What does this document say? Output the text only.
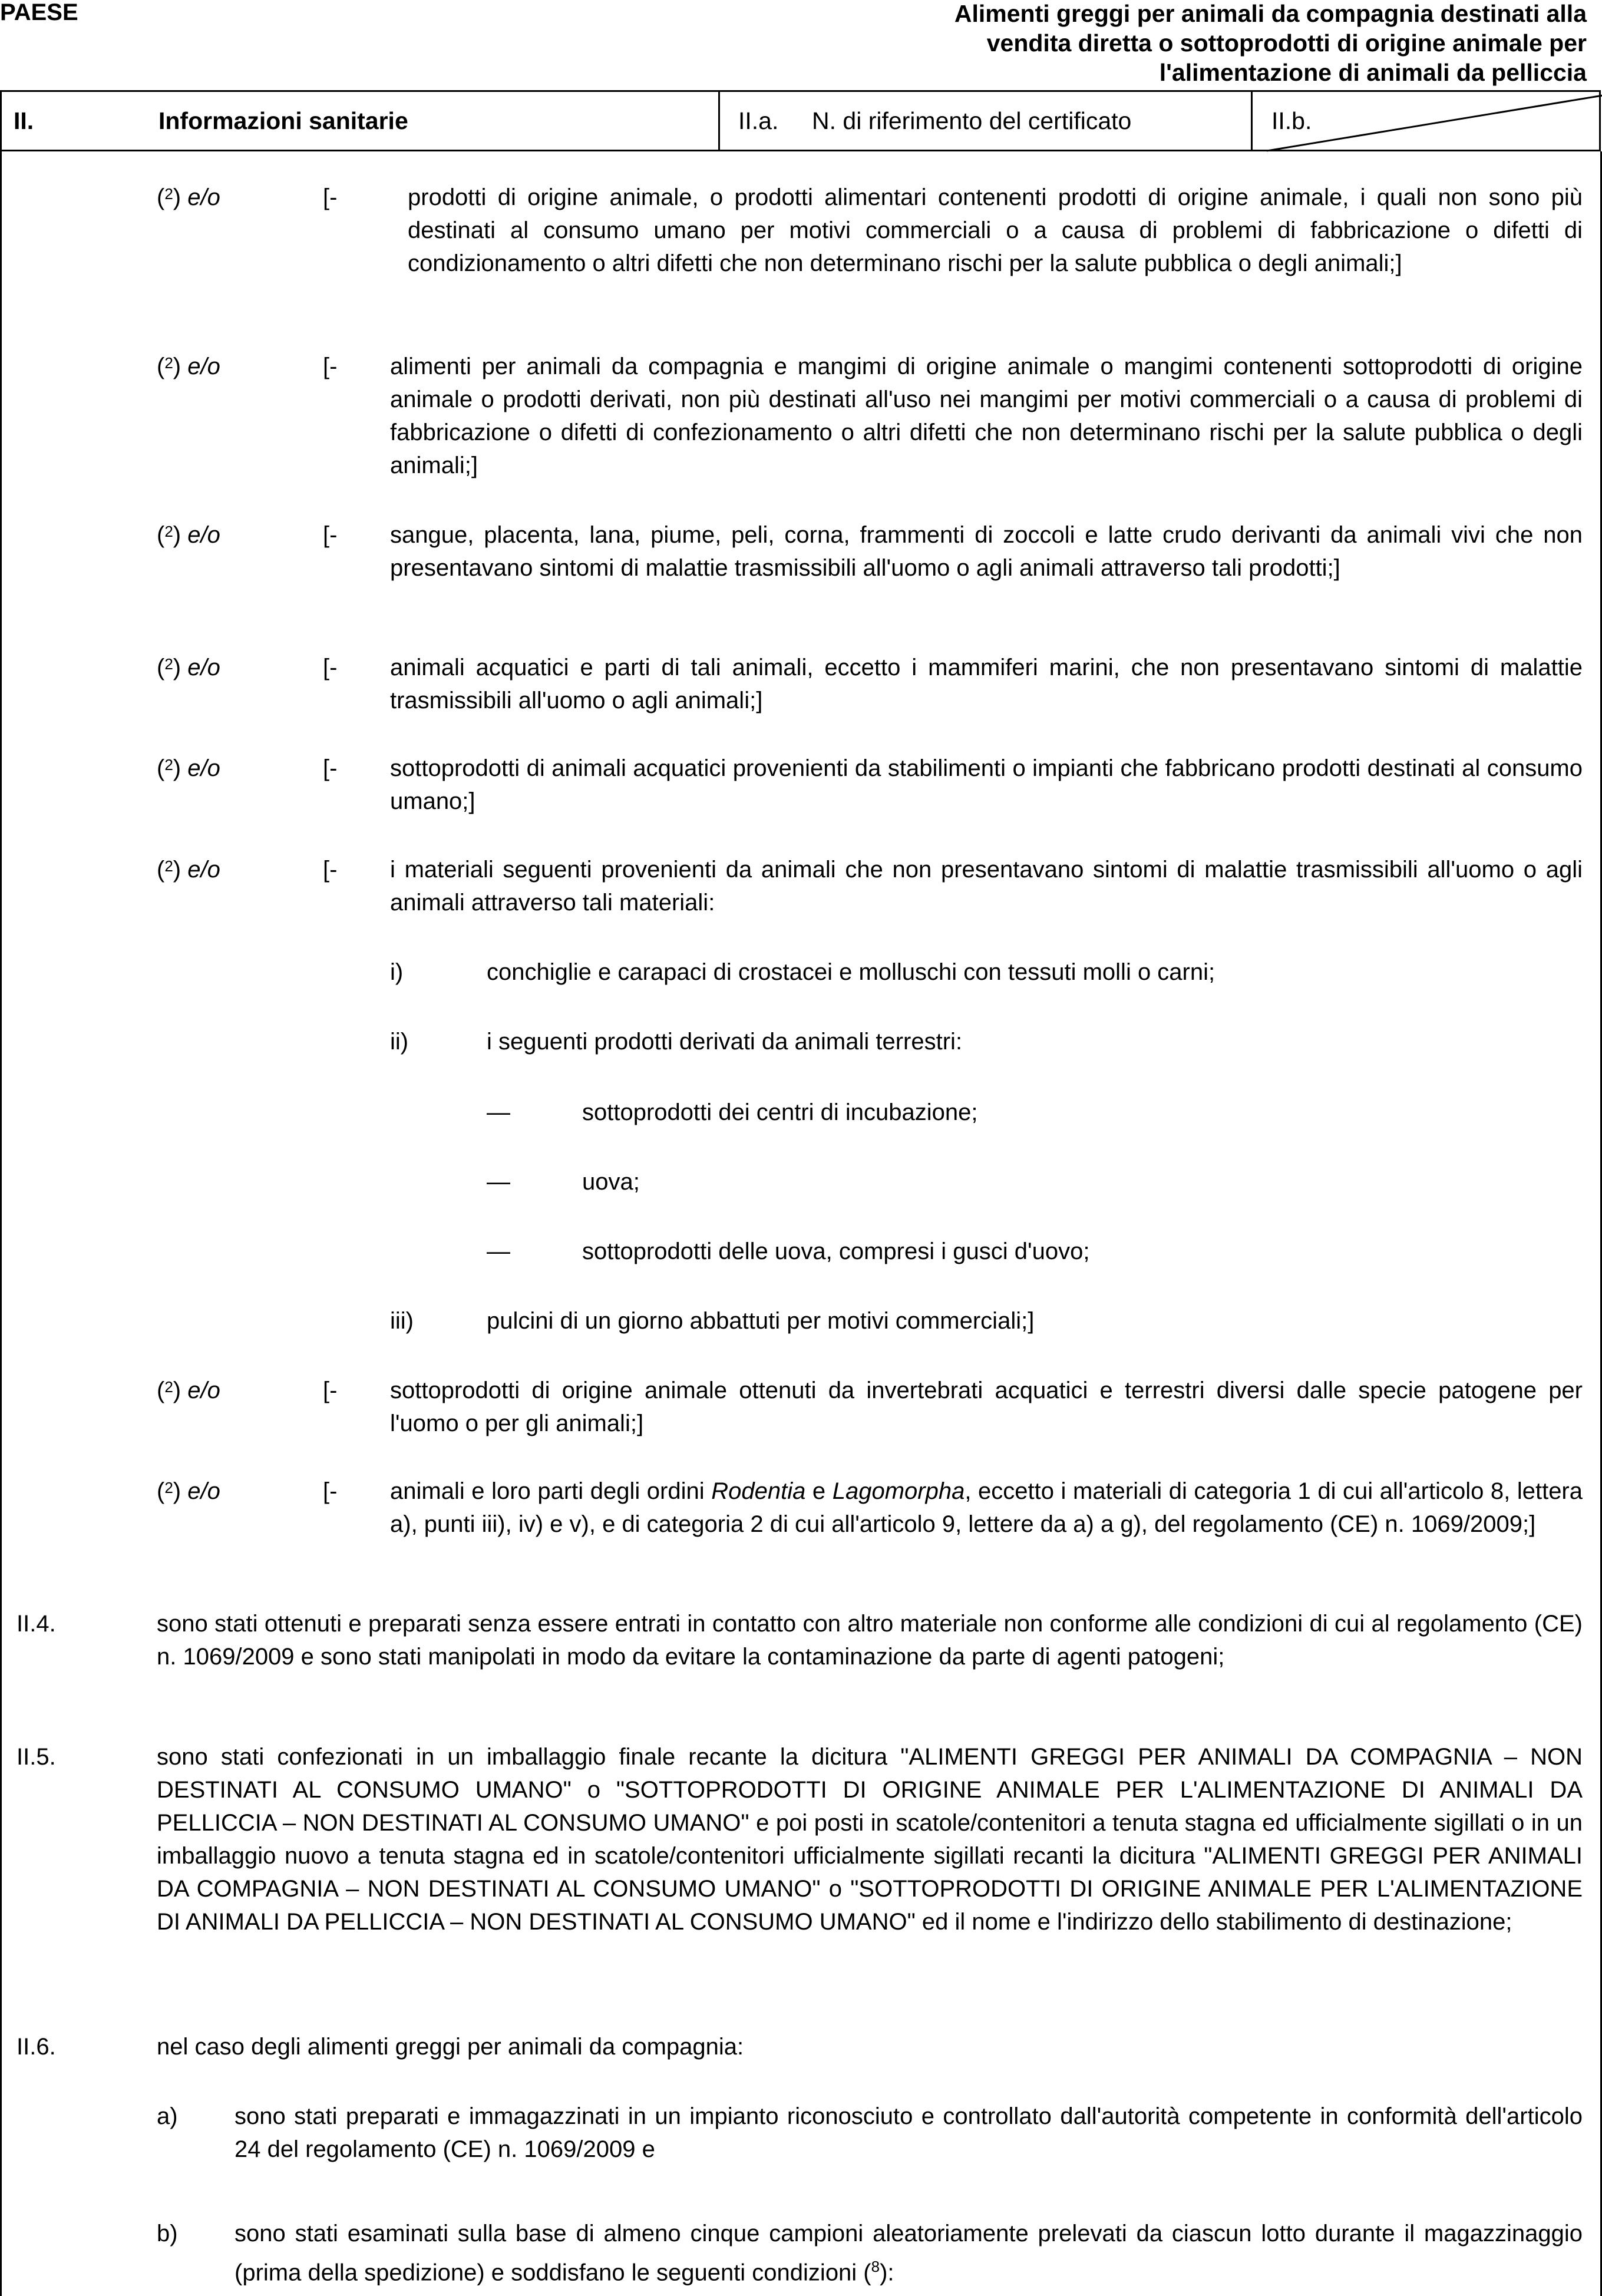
PAESE	Alimenti greggi per animali da compagnia destinati alla
vendita diretta o sottoprodotti di origine animale per
l'alimentazione di animali da pelliccia
II.	Informazioni sanitarie	II.a. N. di riferimento del certificato	II.b.
($^2$) e/o	[-	prodotti di origine animale, o prodotti alimentari contenenti prodotti di origine animale, i quali non sono più destinati al consumo umano per motivi commerciali o a causa di problemi di fabbricazione o difetti di condizionamento o altri difetti che non determinano rischi per la salute pubblica o degli animali;]
($^2$) e/o	[- alimenti per animali da compagnia e mangimi di origine animale o mangimi contenenti sottoprodotti di origine animale o prodotti derivati, non più destinati all'uso nei mangimi per motivi commerciali o a causa di problemi di fabbricazione o difetti di confezionamento o altri difetti che non determinano rischi per la salute pubblica o degli animali;]
($^2$) e/o	[- sangue, placenta, lana, piume, peli, corna, frammenti di zoccoli e latte crudo derivanti da animali vivi che non presentavano sintomi di malattie trasmissibili all'uomo o agli animali attraverso tali prodotti;]
($^2$) e/o	[- animali acquatici e parti di tali animali, eccetto i mammiferi marini, che non presentavano sintomi di malattie trasmissibili all'uomo o agli animali;]
($^2$) e/o	[- sottoprodotti di animali acquatici provenienti da stabilimenti o impianti che fabbricano prodotti destinati al consumo umano;]
($^2$) e/o	[- i materiali seguenti provenienti da animali che non presentavano sintomi di malattie trasmissibili all'uomo o agli animali attraverso tali materiali:
i)	conchiglie e carapaci di crostacei e molluschi con tessuti molli o carni;
ii)	i seguenti prodotti derivati da animali terrestri:
—	sottoprodotti dei centri di incubazione;
—	uova;
—	sottoprodotti delle uova, compresi i gusci d'uovo;
iii)	pulcini di un giorno abbattuti per motivi commerciali;]
($^2$) e/o	[- sottoprodotti di origine animale ottenuti da invertebrati acquatici e terrestri diversi dalle specie patogene per l'uomo o per gli animali;]
($^2$) e/o	[- animali e loro parti degli ordini Rodentia e Lagomorpha, eccetto i materiali di categoria 1 di cui all'articolo 8, lettera a), punti iii), iv) e v), e di categoria 2 di cui all'articolo 9, lettere da a) a g), del regolamento (CE) n. 1069/2009;]
II.4.	sono stati ottenuti e preparati senza essere entrati in contatto con altro materiale non conforme alle condizioni di cui al regolamento (CE) n. 1069/2009 e sono stati manipolati in modo da evitare la contaminazione da parte di agenti patogeni;
II.5.	sono stati confezionati in un imballaggio finale recante la dicitura "ALIMENTI GREGGI PER ANIMALI DA COMPAGNIA – NON DESTINATI AL CONSUMO UMANO" o "SOTTOPRODOTTI DI ORIGINE ANIMALE PER L'ALIMENTAZIONE DI ANIMALI DA PELLICCIA – NON DESTINATI AL CONSUMO UMANO" e poi posti in scatole/contenitori a tenuta stagna ed ufficialmente sigillati o in un imballaggio nuovo a tenuta stagna ed in scatole/contenitori ufficialmente sigillati recanti la dicitura "ALIMENTI GREGGI PER ANIMALI DA COMPAGNIA – NON DESTINATI AL CONSUMO UMANO" o "SOTTOPRODOTTI DI ORIGINE ANIMALE PER L'ALIMENTAZIONE DI ANIMALI DA PELLICCIA – NON DESTINATI AL CONSUMO UMANO" ed il nome e l'indirizzo dello stabilimento di destinazione;
II.6.	nel caso degli alimenti greggi per animali da compagnia:
a) sono stati preparati e immagazzinati in un impianto riconosciuto e controllato dall'autorità competente in conformità dell'articolo 24 del regolamento (CE) n. 1069/2009 e
b) sono stati esaminati sulla base di almeno cinque campioni aleatoriamente prelevati da ciascun lotto durante il magazzinaggio (prima della spedizione) e soddisfano le seguenti condizioni ($^8$):
